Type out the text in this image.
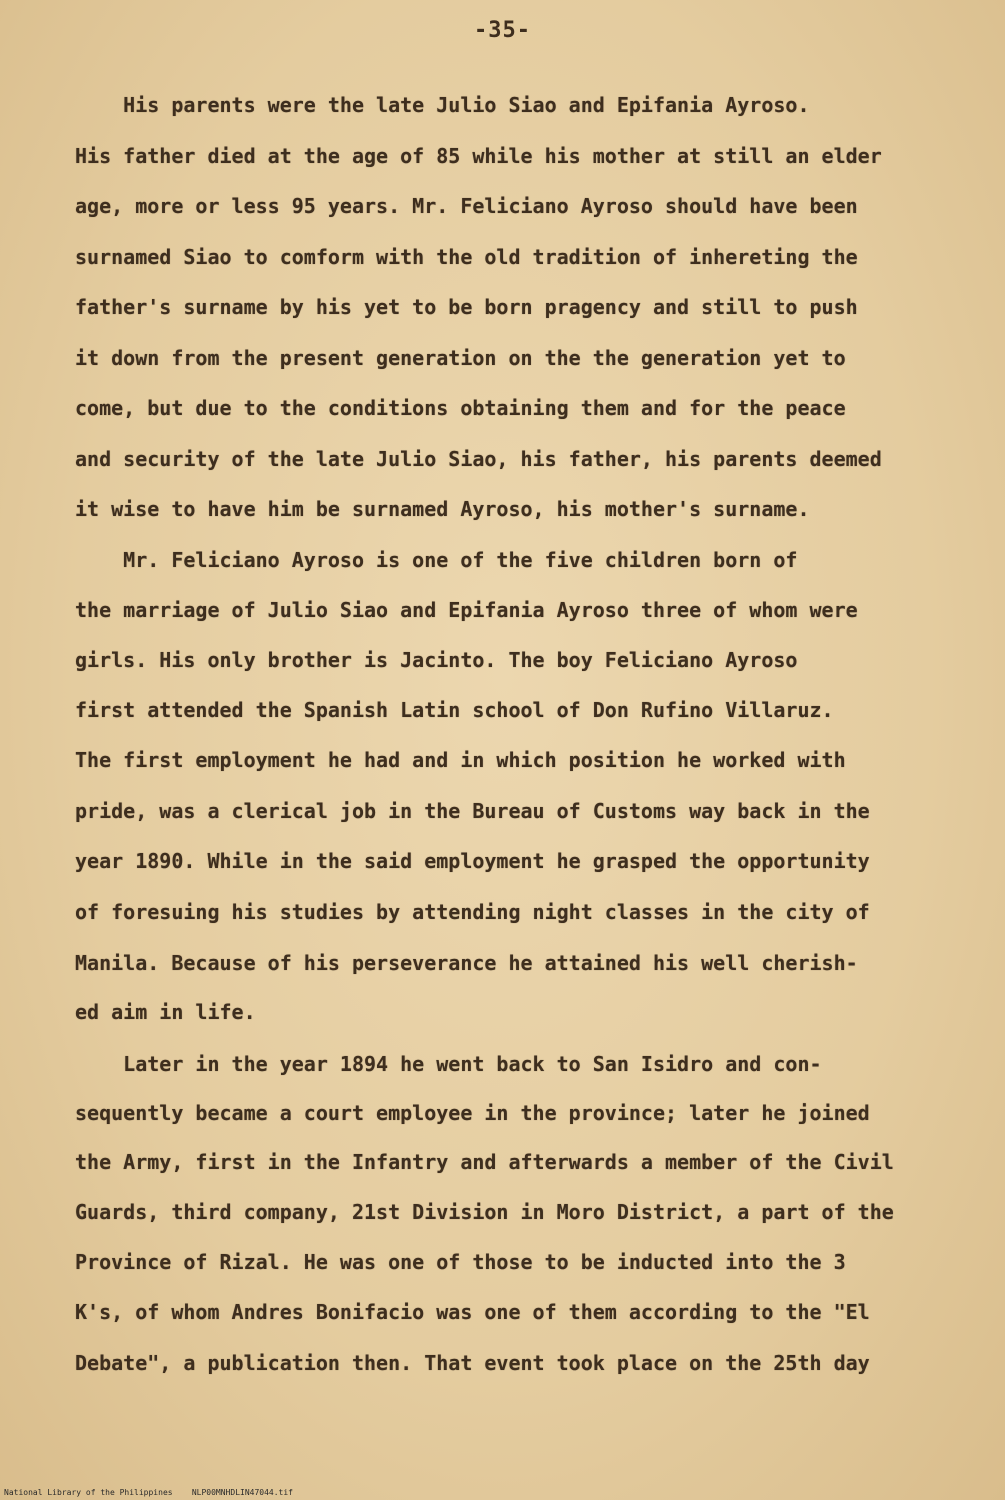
-35-

His parents were the late Julio Siao and Epifania Ayroso.

His father died at the age of 85 while his mother at still an elder

age, more or less 95 years. Mr. Feliciano Ayroso should have been

surnamed Siao to comform with the old tradition of inhereting the

father's surname by his yet to be born pragency and still to push

it down from the present generation on the the generation yet to

come, but due to the conditions obtaining them and for the peace

and security of the late Julio Siao, his father, his parents deemed

it wise to have him be surnamed Ayroso, his mother's surname.

Mr. Feliciano Ayroso is one of the five children born of

the marriage of Julio Siao and Epifania Ayroso three of whom were

girls. His only brother is Jacinto. The boy Feliciano Ayroso

first attended the Spanish Latin school of Don Rufino Villaruz.

The first employment he had and in which position he worked with

pride, was a clerical job in the Bureau of Customs way back in the

year 1890. While in the said employment he grasped the opportunity

of foresuing his studies by attending night classes in the city of

Manila. Because of his perseverance he attained his well cherish-

ed aim in life.

Later in the year 1894 he went back to San Isidro and con-

sequently became a court employee in the province; later he joined

the Army, first in the Infantry and afterwards a member of the Civil

Guards, third company, 21st Division in Moro District, a part of the

Province of Rizal. He was one of those to be inducted into the 3

K's, of whom Andres Bonifacio was one of them according to the "El

Debate", a publication then. That event took place on the 25th day

National Library of the Philippines    NLP00MNHDLIN47044.tif
